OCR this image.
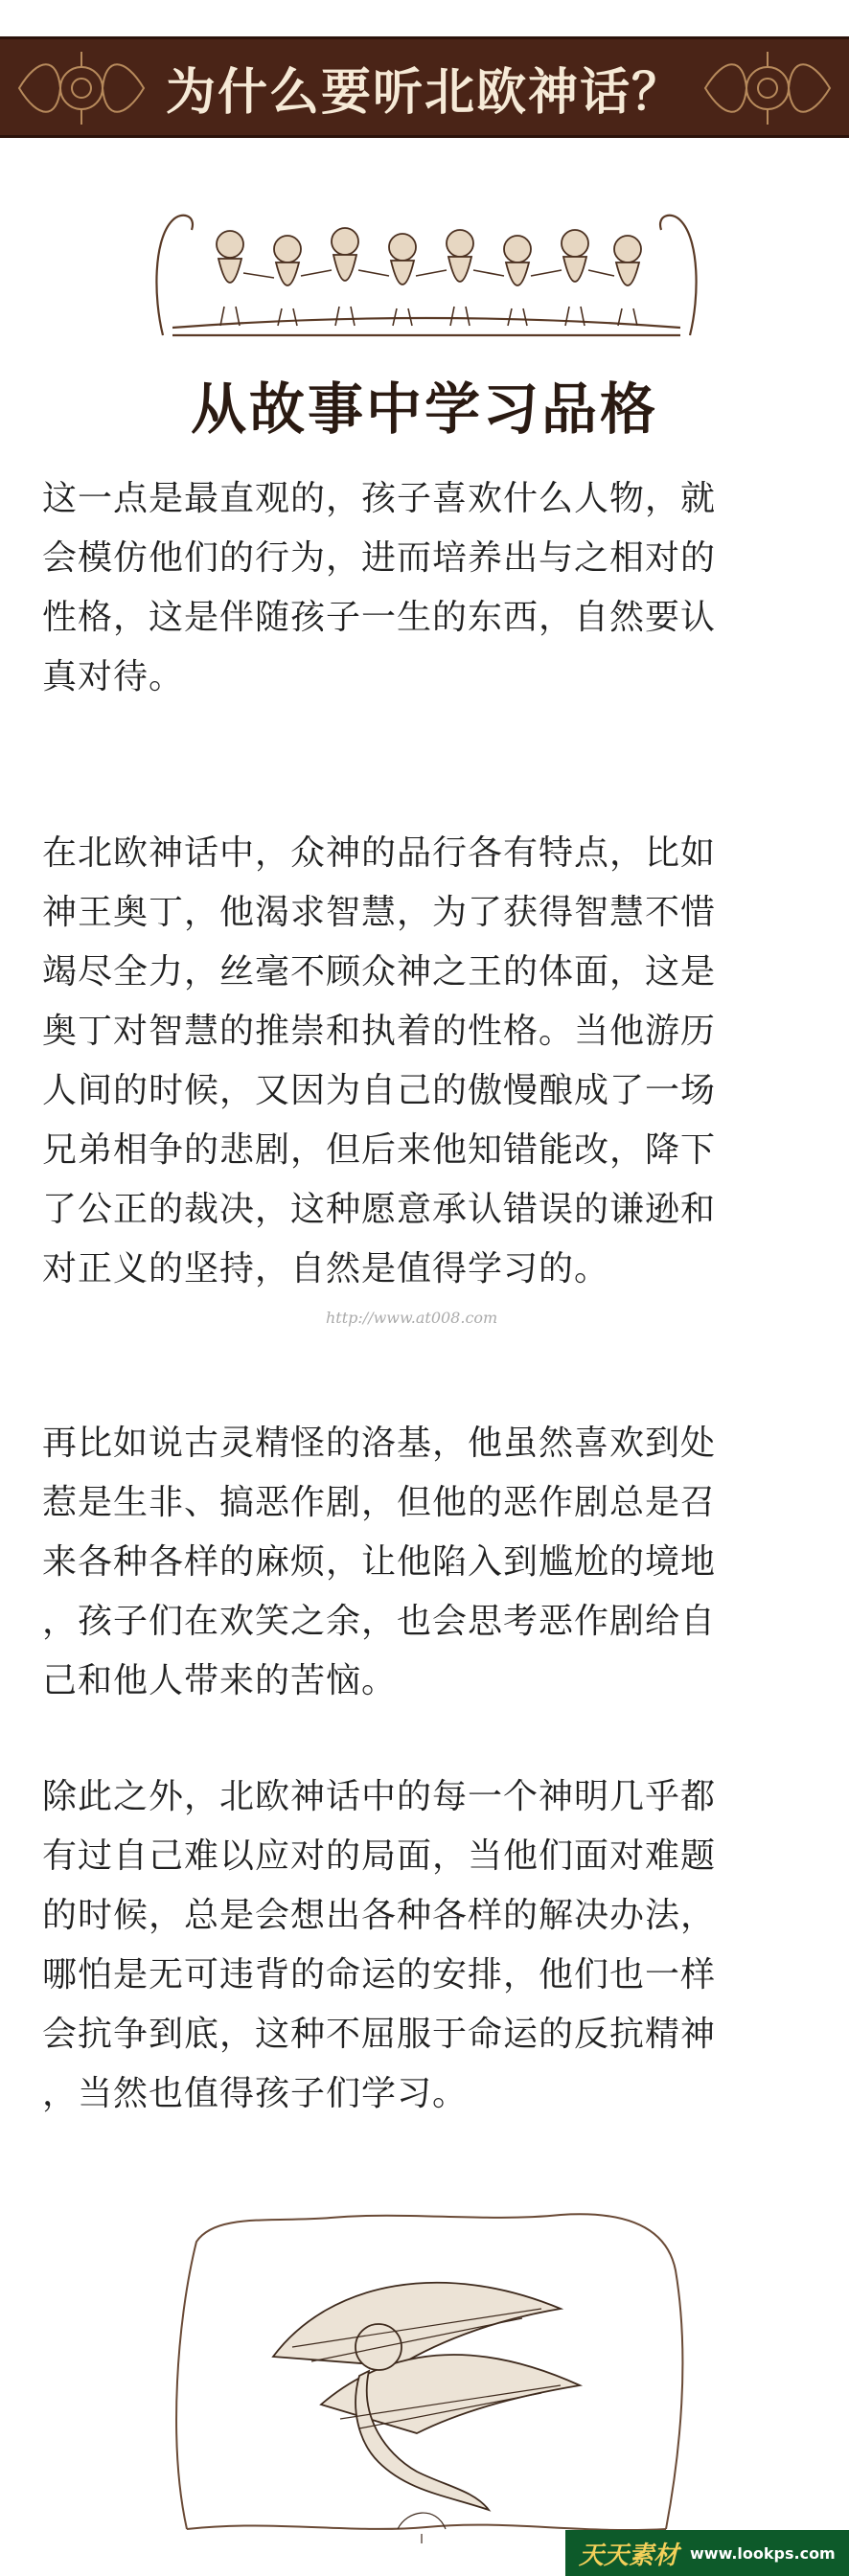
为什么要听北欧神话？
从故事中学习品格
这一点是最直观的，孩子喜欢什么人物，就
会模仿他们的行为，进而培养出与之相对的
性格，这是伴随孩子一生的东西，自然要认
真对待。
在北欧神话中，众神的品行各有特点，比如
神王奥丁，他渴求智慧，为了获得智慧不惜
竭尽全力，丝毫不顾众神之王的体面，这是
奥丁对智慧的推崇和执着的性格。当他游历
人间的时候，又因为自己的傲慢酿成了一场
兄弟相争的悲剧，但后来他知错能改，降下
了公正的裁决，这种愿意承认错误的谦逊和
对正义的坚持，自然是值得学习的。
http://www.at008.com
再比如说古灵精怪的洛基，他虽然喜欢到处
惹是生非、搞恶作剧，但他的恶作剧总是召
来各种各样的麻烦，让他陷入到尴尬的境地
，孩子们在欢笑之余，也会思考恶作剧给自
己和他人带来的苦恼。
除此之外，北欧神话中的每一个神明几乎都
有过自己难以应对的局面，当他们面对难题
的时候，总是会想出各种各样的解决办法，
哪怕是无可违背的命运的安排，他们也一样
会抗争到底，这种不屈服于命运的反抗精神
，当然也值得孩子们学习。
天天素材 www.lookps.com
